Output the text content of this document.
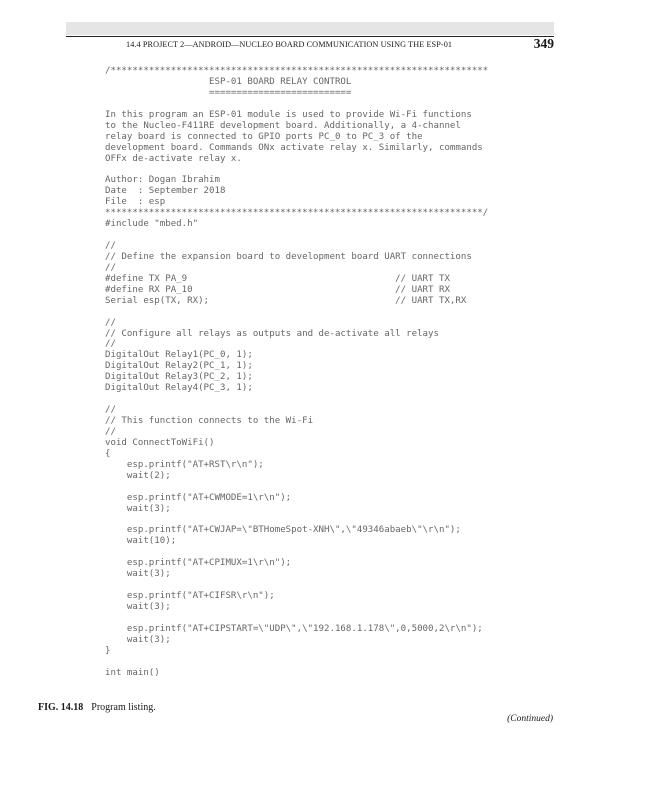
14.4 PROJECT 2—ANDROID—NUCLEO BOARD COMMUNICATION USING THE ESP-01	349
/*********************************************************************
ESP-01 BOARD RELAY CONTROL
==========================
In this program an ESP-01 module is used to provide Wi-Fi functions
to the Nucleo-F411RE development board. Additionally, a 4-channel
relay board is connected to GPIO ports PC_0 to PC_3 of the
development board. Commands ONx activate relay x. Similarly, commands
OFFx de-activate relay x.
Author: Dogan Ibrahim
Date  : September 2018
File  : esp
*********************************************************************/
#include "mbed.h"
//
// Define the expansion board to development board UART connections
//
#define TX PA_9                                      // UART TX
#define RX PA_10                                     // UART RX
Serial esp(TX, RX);                                  // UART TX,RX
//
// Configure all relays as outputs and de-activate all relays
//
DigitalOut Relay1(PC_0, 1);
DigitalOut Relay2(PC_1, 1);
DigitalOut Relay3(PC_2, 1);
DigitalOut Relay4(PC_3, 1);
//
// This function connects to the Wi-Fi
//
void ConnectToWiFi()
{
esp.printf("AT+RST\r\n");
wait(2);
esp.printf("AT+CWMODE=1\r\n");
wait(3);
esp.printf("AT+CWJAP=\"BTHomeSpot-XNH\",\"49346abaeb\"\r\n");
wait(10);
esp.printf("AT+CPIMUX=1\r\n");
wait(3);
esp.printf("AT+CIFSR\r\n");
wait(3);
esp.printf("AT+CIPSTART=\"UDP\",\"192.168.1.178\",0,5000,2\r\n");
wait(3);
}
int main()
FIG. 14.18 Program listing.
(Continued)
